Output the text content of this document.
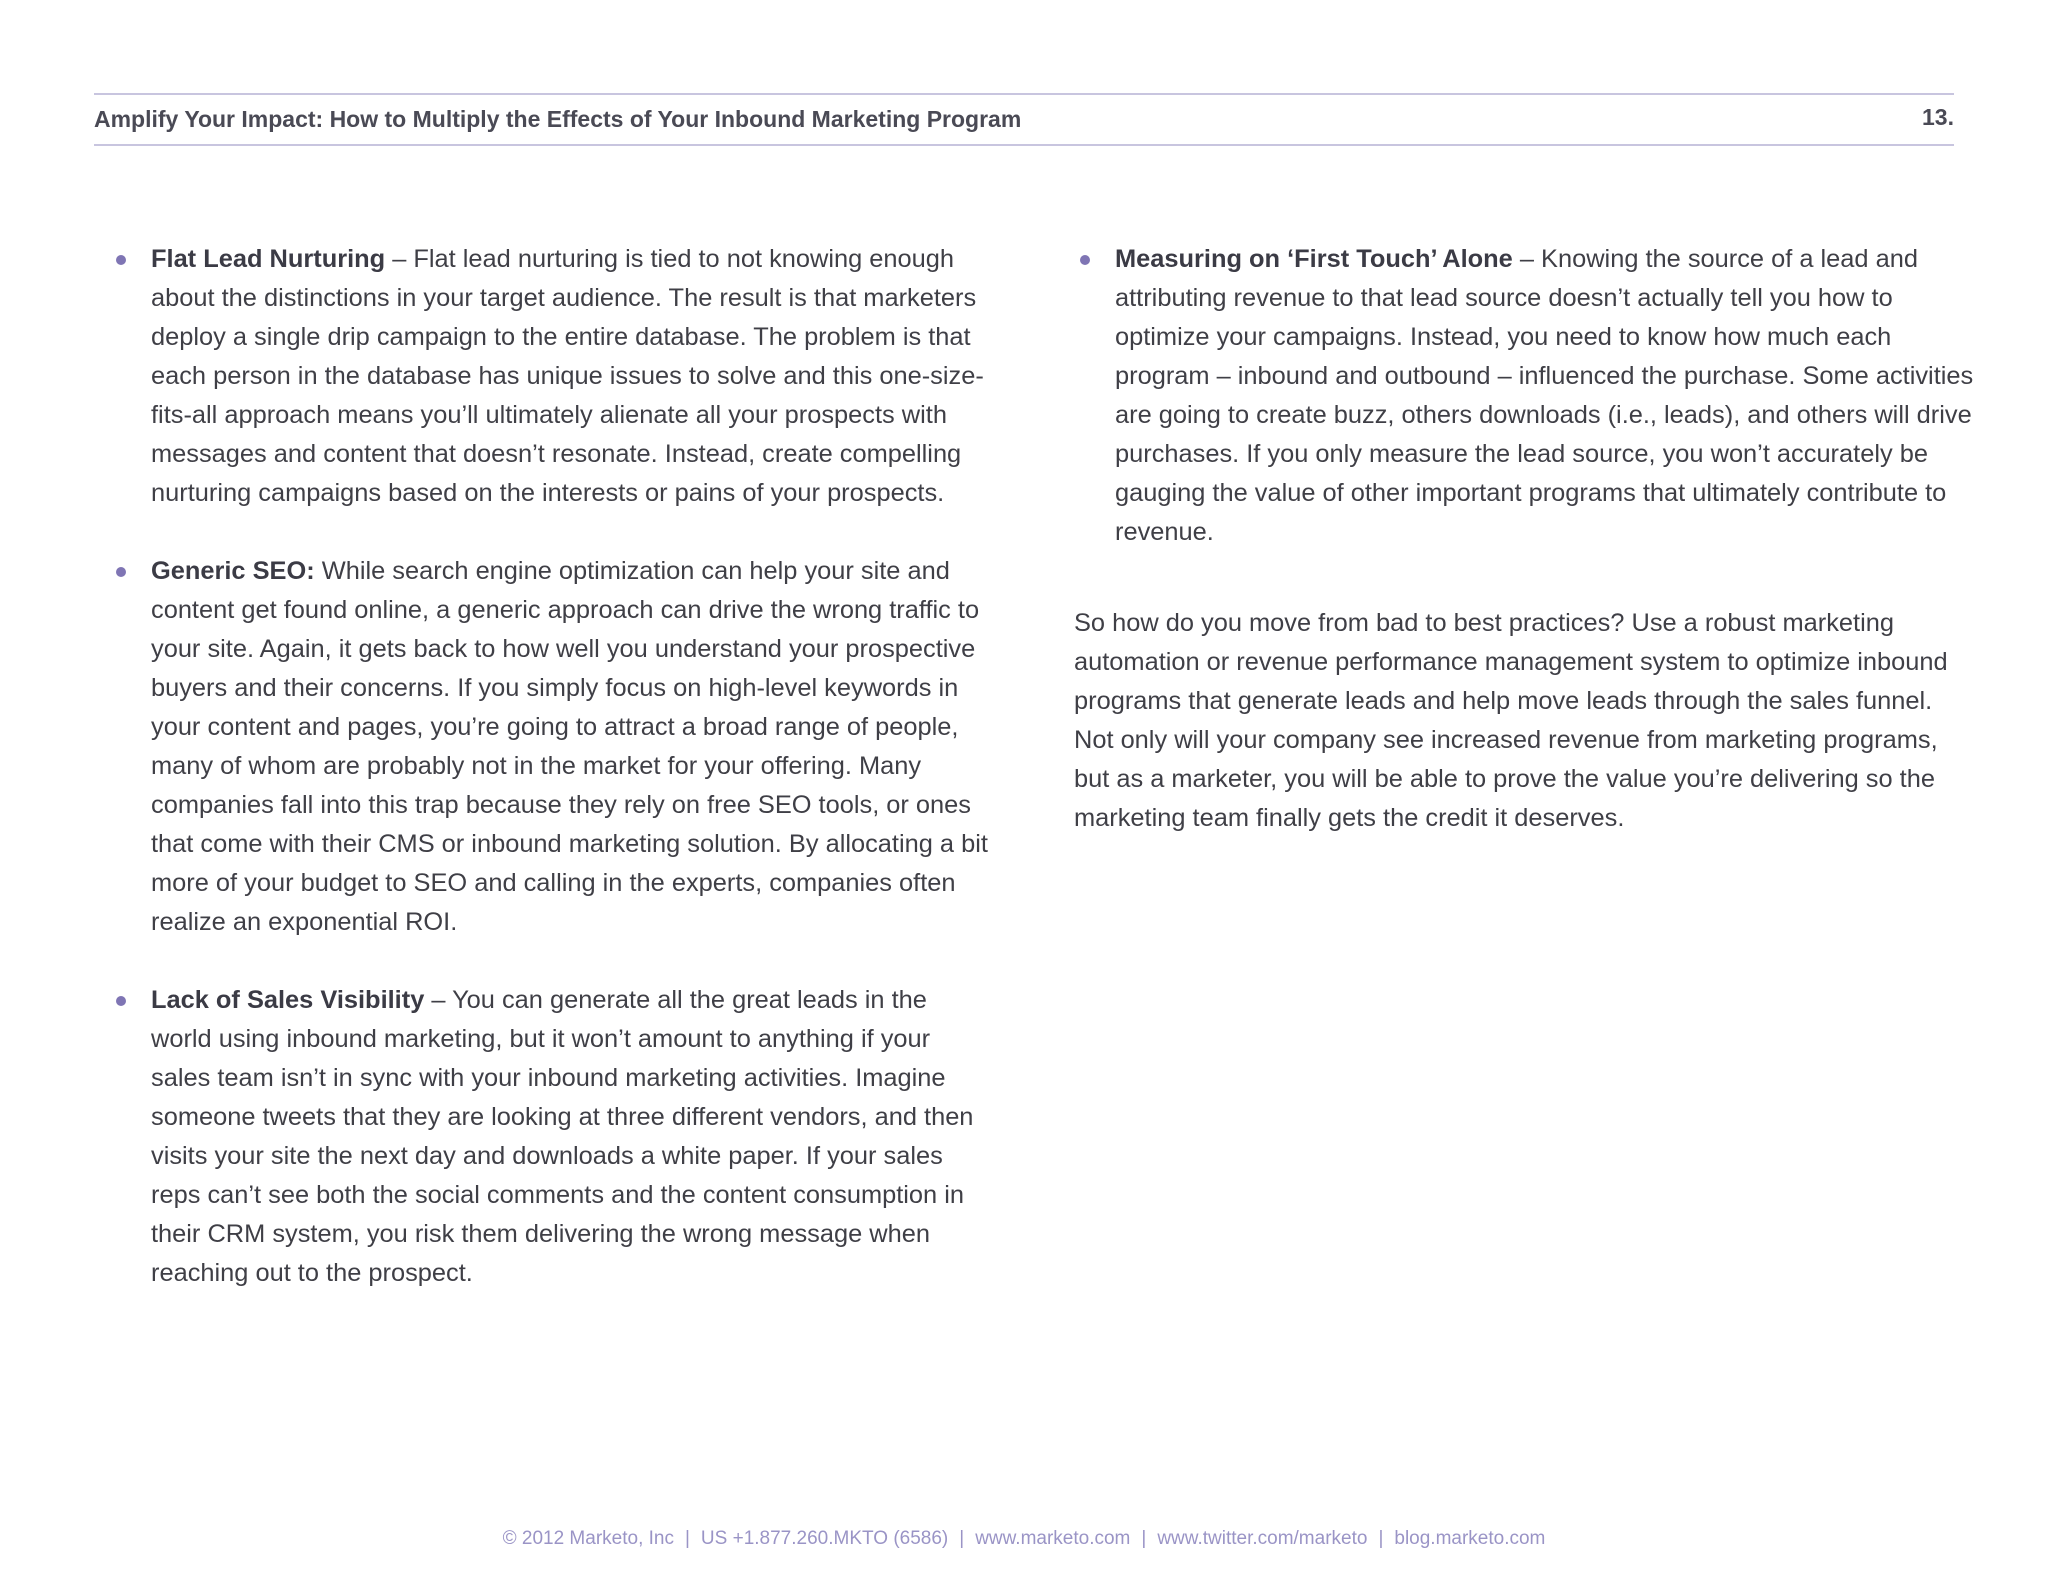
Amplify Your Impact: How to Multiply the Effects of Your Inbound Marketing Program	13.
Flat Lead Nurturing – Flat lead nurturing is tied to not knowing enough about the distinctions in your target audience. The result is that marketers deploy a single drip campaign to the entire database. The problem is that each person in the database has unique issues to solve and this one-size-fits-all approach means you’ll ultimately alienate all your prospects with messages and content that doesn’t resonate. Instead, create compelling nurturing campaigns based on the interests or pains of your prospects.
Generic SEO: While search engine optimization can help your site and content get found online, a generic approach can drive the wrong traffic to your site. Again, it gets back to how well you understand your prospective buyers and their concerns. If you simply focus on high-level keywords in your content and pages, you’re going to attract a broad range of people, many of whom are probably not in the market for your offering. Many companies fall into this trap because they rely on free SEO tools, or ones that come with their CMS or inbound marketing solution. By allocating a bit more of your budget to SEO and calling in the experts, companies often realize an exponential ROI.
Lack of Sales Visibility – You can generate all the great leads in the world using inbound marketing, but it won’t amount to anything if your sales team isn’t in sync with your inbound marketing activities. Imagine someone tweets that they are looking at three different vendors, and then visits your site the next day and downloads a white paper. If your sales reps can’t see both the social comments and the content consumption in their CRM system, you risk them delivering the wrong message when reaching out to the prospect.
Measuring on ‘First Touch’ Alone – Knowing the source of a lead and attributing revenue to that lead source doesn’t actually tell you how to optimize your campaigns. Instead, you need to know how much each program – inbound and outbound – influenced the purchase. Some activities are going to create buzz, others downloads (i.e., leads), and others will drive purchases. If you only measure the lead source, you won’t accurately be gauging the value of other important programs that ultimately contribute to revenue.
So how do you move from bad to best practices? Use a robust marketing automation or revenue performance management system to optimize inbound programs that generate leads and help move leads through the sales funnel. Not only will your company see increased revenue from marketing programs, but as a marketer, you will be able to prove the value you’re delivering so the marketing team finally gets the credit it deserves.
© 2012 Marketo, Inc | US +1.877.260.MKTO (6586) | www.marketo.com | www.twitter.com/marketo | blog.marketo.com
